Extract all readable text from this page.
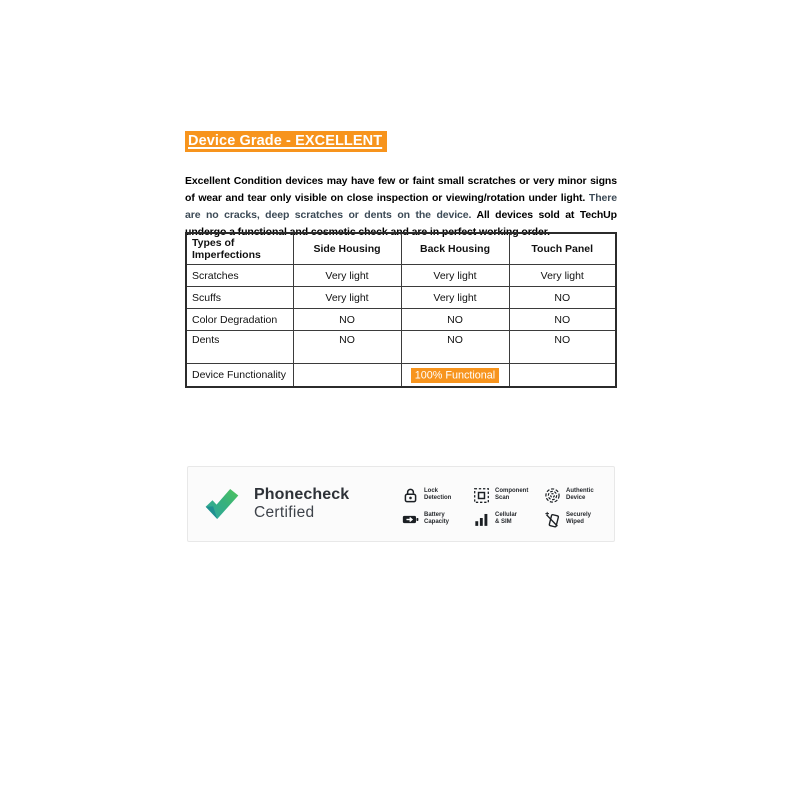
Device Grade - EXCELLENT

Excellent Condition devices may have few or faint small scratches or very minor signs of wear and tear only visible on close inspection or viewing/rotation under light. There are no cracks, deep scratches or dents on the device. All devices sold at TechUp undergo a functional and cosmetic check and are in perfect working order.

Types of Imperfections	Side Housing	Back Housing	Touch Panel
Scratches	Very light	Very light	Very light
Scuffs	Very light	Very light	NO
Color Degradation	NO	NO	NO
Dents	NO	NO	NO
Device Functionality		100% Functional	
Phonecheck
Certified
Lock
Detection
Component
Scan
Authentic
Device
Battery
Capacity
Cellular
& SIM
Securely
Wiped
